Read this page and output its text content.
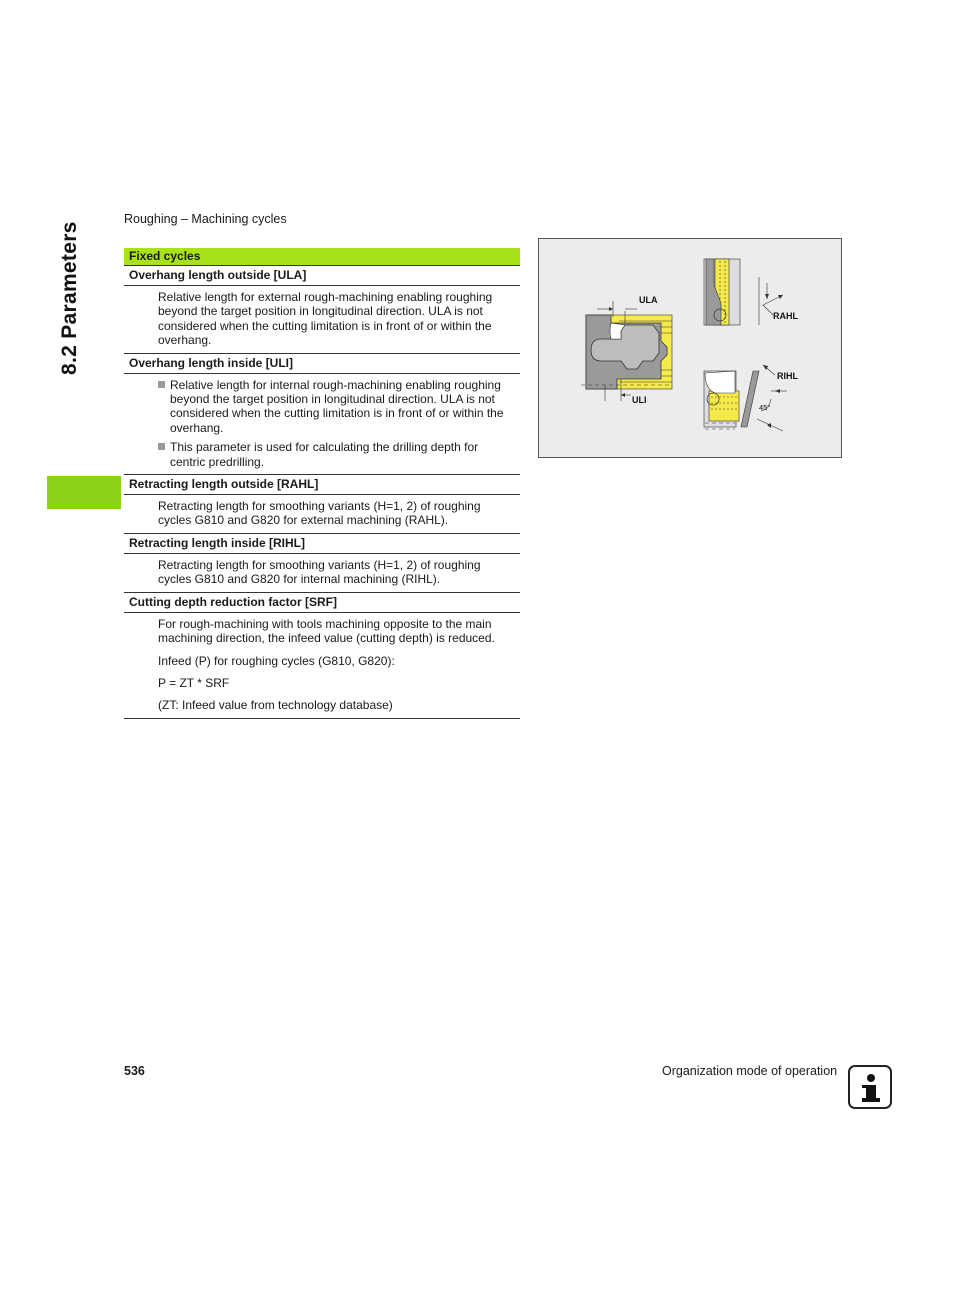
8.2 Parameters
Roughing – Machining cycles
Fixed cycles
Overhang length outside [ULA]

Relative length for external rough-machining enabling roughing beyond the target position in longitudinal direction. ULA is not considered when the cutting limitation is in front of or within the overhang.

Overhang length inside [ULI]
Relative length for internal rough-machining enabling roughing beyond the target position in longitudinal direction. ULA is not considered when the cutting limitation is in front of or within the overhang.
This parameter is used for calculating the drilling depth for centric predrilling.
Retracting length outside [RAHL]

Retracting length for smoothing variants (H=1, 2) of roughing cycles G810 and G820 for external machining (RAHL).

Retracting length inside [RIHL]

Retracting length for smoothing variants (H=1, 2) of roughing cycles G810 and G820 for internal machining (RIHL).

Cutting depth reduction factor [SRF]

For rough-machining with tools machining opposite to the main machining direction, the infeed value (cutting depth) is reduced.

Infeed (P) for roughing cycles (G810, G820):

P = ZT * SRF

(ZT: Infeed value from technology database)

ULA
ULI
RAHL
RIHL
45°
536	Organization mode of operation
